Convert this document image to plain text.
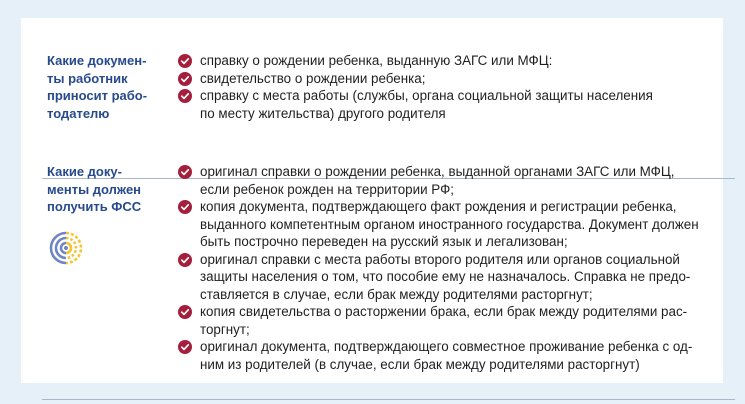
Какие докумен-
ты работник
приносит рабо-
тодателю
справку о рождении ребенка, выданную ЗАГС или МФЦ:
свидетельство о рождении ребенка;
справку с места работы (службы, органа социальной защиты населения
по месту жительства) другого родителя
Какие доку-
менты должен
получить ФСС
оригинал справки о рождении ребенка, выданной органами ЗАГС или МФЦ,
если ребенок рожден на территории РФ;
копия документа, подтверждающего факт рождения и регистрации ребенка,
выданного компетентным органом иностранного государства. Документ должен
быть построчно переведен на русский язык и легализован;
оригинал справки с места работы второго родителя или органов социальной
защиты населения о том, что пособие ему не назначалось. Справка не предо-
ставляется в случае, если брак между родителями расторгнут;
копия свидетельства о расторжении брака, если брак между родителями рас-
торгнут;
оригинал документа, подтверждающего совместное проживание ребенка с од-
ним из родителей (в случае, если брак между родителями расторгнут)
